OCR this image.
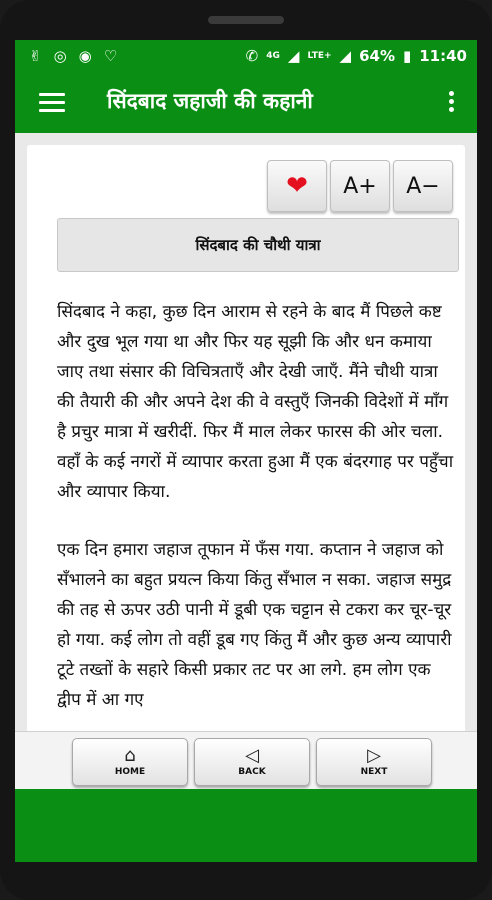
✌ ◎ ◉ ♡	✆ 4G ◢ LTE+ ◢ 64% ▮ 11:40
सिंदबाद जहाजी की कहानी
❤	A+	A−
सिंदबाद की चौथी यात्रा

सिंदबाद ने कहा, कुछ दिन आराम से रहने के बाद मैं पिछले कष्ट और दुख भूल गया था और फिर यह सूझी कि और धन कमाया जाए तथा संसार की विचित्रताएँ और देखी जाएँ. मैंने चौथी यात्रा की तैयारी की और अपने देश की वे वस्तुएँ जिनकी विदेशों में माँग है प्रचुर मात्रा में खरीदीं. फिर मैं माल लेकर फारस की ओर चला. वहाँ के कई नगरों में व्यापार करता हुआ मैं एक बंदरगाह पर पहुँचा और व्यापार किया.

एक दिन हमारा जहाज तूफान में फँस गया. कप्तान ने जहाज को सँभालने का बहुत प्रयत्न किया किंतु सँभाल न सका. जहाज समुद्र की तह से ऊपर उठी पानी में डूबी एक चट्टान से टकरा कर चूर-चूर हो गया. कई लोग तो वहीं डूब गए किंतु मैं और कुछ अन्य व्यापारी टूटे तख्तों के सहारे किसी प्रकार तट पर आ लगे. हम लोग एक द्वीप में आ गए

⌂
HOME
◁
BACK
▷
NEXT
